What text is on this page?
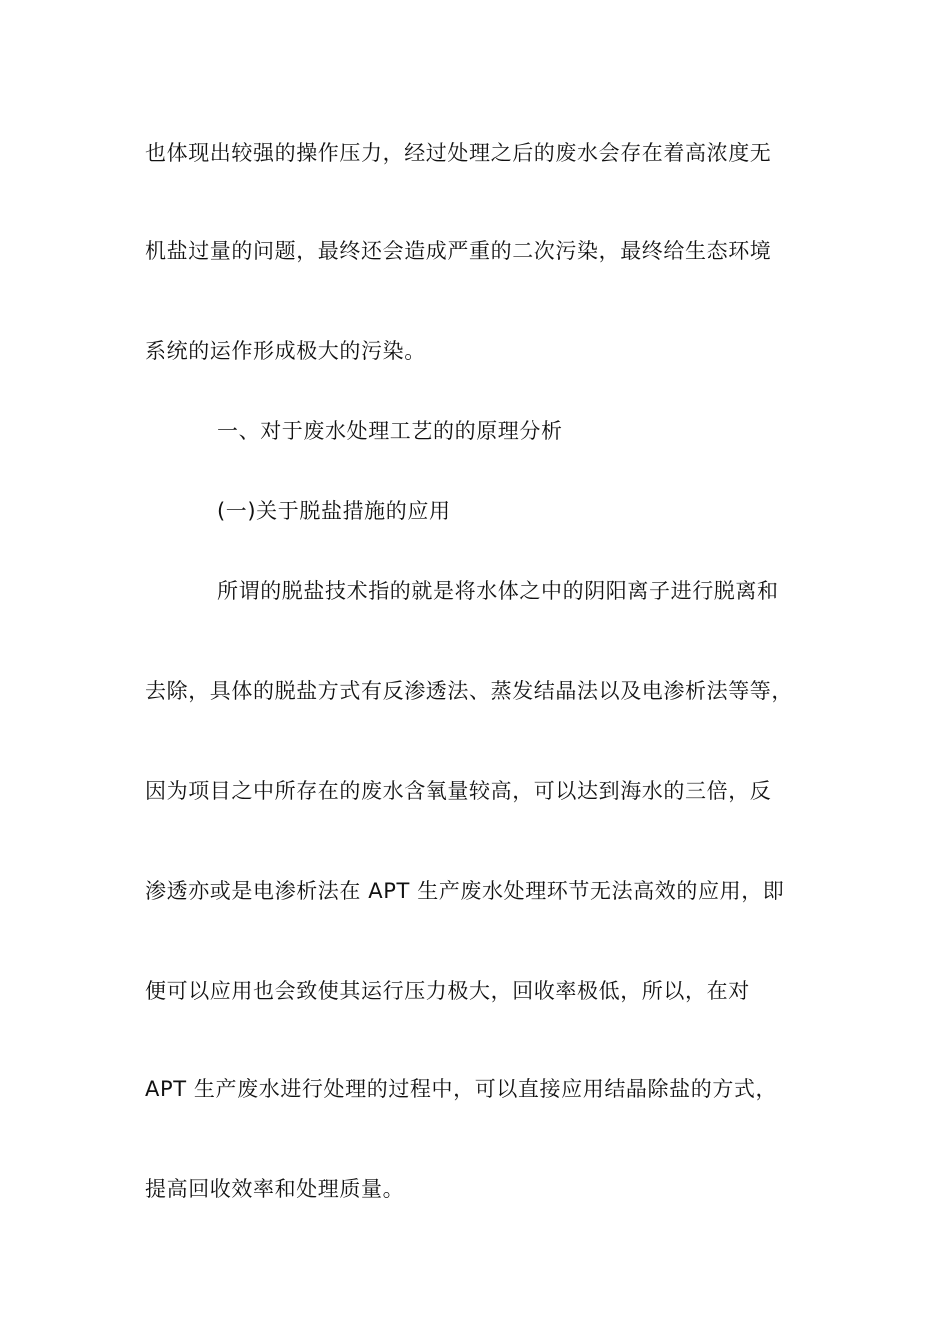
也体现出较强的操作压力，经过处理之后的废水会存在着高浓度无
机盐过量的问题，最终还会造成严重的二次污染，最终给生态环境
系统的运作形成极大的污染。
一、对于废水处理工艺的的原理分析
(一)关于脱盐措施的应用
所谓的脱盐技术指的就是将水体之中的阴阳离子进行脱离和
去除，具体的脱盐方式有反渗透法、蒸发结晶法以及电渗析法等等，
因为项目之中所存在的废水含氧量较高，可以达到海水的三倍，反
渗透亦或是电渗析法在 APT 生产废水处理环节无法高效的应用，即
便可以应用也会致使其运行压力极大，回收率极低，所以，在对
APT 生产废水进行处理的过程中，可以直接应用结晶除盐的方式，
提高回收效率和处理质量。
